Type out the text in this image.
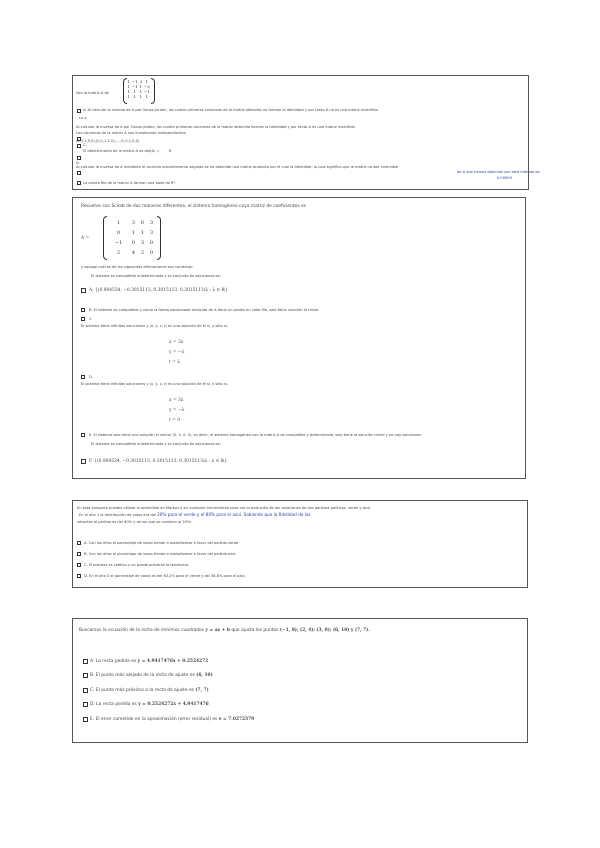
Sea la matriz A de
1	−1	3	1
1	−1	1	−3
1	1	1	−1
1	1	1	1
A. Al calcular la inversa de A por Gauss-Jordan, las cuatro primeras columnas de la matriz obtenida no forman la identidad y por tanto A no es una matriz invertible.
La a
Al calcular la inversa de A por Gauss-Jordan, las cuatro primeras columnas de la matriz obtenida forman la identidad y por tanto A es una matriz invertible.
Las columnas de la matriz A son linealmente independientes.
(1,1,1,0,0),(0,1,1,1,0),...,(1,0,1,0,0)
C.
El determinante de la matriz A es det(A) =	6
D.
Al calcular la inversa de A mediante el correcto procedimiento seguido se ha obtenido una matriz producto por el cual la identidad, lo cual significa que la matriz no sea inversible
de A que hemos obtenido por este método es:
0.00000
La quinta fila de la matriz A forman una base de R⁴.
Resuelve con Scilab de dos maneras diferentes, el sistema homogéneo cuya matriz de coeficientes es
A =
1	3	0	3
0	1	1	3
−1	0	3	0
2	4	2	0
y escoge cuál es de las siguientes afirmaciones son correctas:
El sistema es compatible indeterminado y su conjunto de soluciones es:
A. {(0.904534, −0.3015113, 0.3015113, 0.3015113)λ : λ ∈ ℝ}
B. El sistema es compatible y como la forma escalonada reducida de A tiene un pivote en cada fila, solo tiene solución la trivial.
C.
El sistema tiene infinitas soluciones y (x, y, z, t) es una solución de él si, y sólo si,
x = 3λ
y = −λ
t = λ
D.
El sistema tiene infinitas soluciones y (x, y, z, t) es una solución de él si, y sólo si,
x = 3λ
y = −λ
t = 0
E. El sistema solo tiene una solución el vector (0, 0, 0, 0), es decir, el sistema homogéneo con la matriz A es compatible y determinado, solo tiene la solución trivial y no hay soluciones
El sistema es compatible indeterminado y su conjunto de soluciones es:
F. {(0.904534, −0.3015113, 0.3015113, 0.3015113)λ : λ ∈ ℝ}
En esta pregunta puedes utilizar lo aprendido en Markov o en cualquier herramienta para ver la evolución de las votaciones de dos partidos políticos, verde y azul.
En el año 1 la distribución de votos era del 20% para el verde y el 80% para el azul. Sabiendo que la fidelidad de los
votantes al partido es del 80% y de los que se cambian al 20%:
A. Con los años el porcentaje de votos tiende a estabilizarse a favor del partido verde.
B. Con los años el porcentaje de votos tiende a estabilizarse a favor del partido azul.
C. El proceso es caótico y no puede preverse la tendencia.
D. En el año 3 el porcentaje de votos es del 63.2% para el verde y del 36.8% para el azul.
Buscamos la ecuación de la recta de mínimos cuadrados y = ax + b que ajusta los puntos (−1, 8); (2, 4); (3, 0); (6, 10) y (7, 7).
A. La recta pedida es y = 4.9417476x + 0.2524272
B. El punto más alejado de la recta de ajuste es (6, 10)
C. El punto más próximo a la recta de ajuste es (7, 7)
D. La recta pedida es y = 0.2524272x + 4.9417476
E. El error cometido en la aproximación (error residual) es e = 7.0272379
